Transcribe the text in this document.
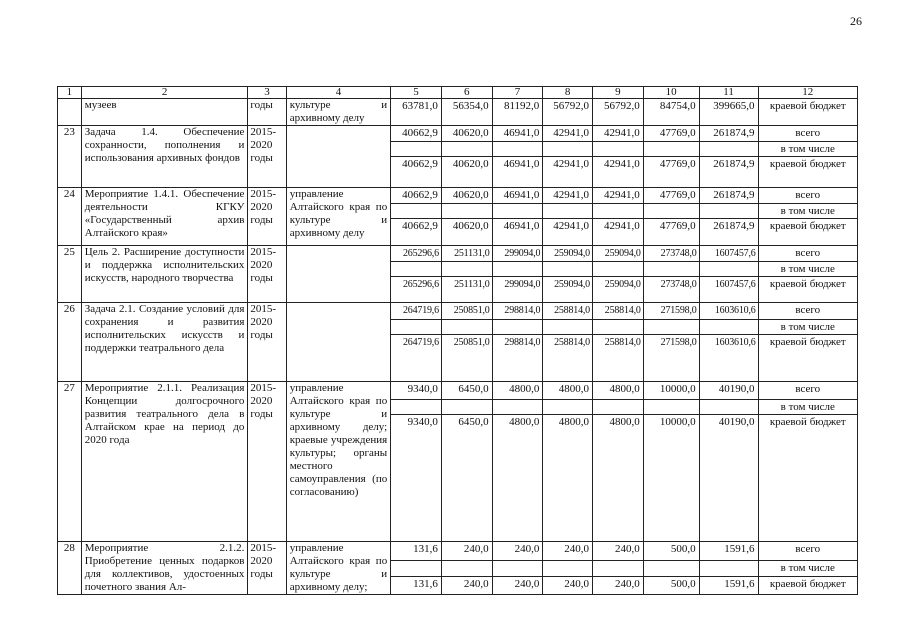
26
1	2	3	4	5	6	7	8	9	10	11	12
	музеев	годы	культуре и архивному делу	63781,0	56354,0	81192,0	56792,0	56792,0	84754,0	399665,0	краевой бюджет
23	Задача 1.4. Обеспечение сохранности, пополнения и использования архивных фондов	2015-2020 годы		40662,9	40620,0	46941,0	42941,0	42941,0	47769,0	261874,9	всего
											в том числе
				40662,9	40620,0	46941,0	42941,0	42941,0	47769,0	261874,9	краевой бюджет
24	Мероприятие 1.4.1. Обеспечение деятельности КГКУ «Государственный архив Алтайского края»	2015-2020 годы	управление Алтайского края по культуре и архивному делу	40662,9	40620,0	46941,0	42941,0	42941,0	47769,0	261874,9	всего
											в том числе
				40662,9	40620,0	46941,0	42941,0	42941,0	47769,0	261874,9	краевой бюджет
25	Цель 2. Расширение доступности и поддержка исполнительских искусств, народного творчества	2015-2020 годы		265296,6	251131,0	299094,0	259094,0	259094,0	273748,0	1607457,6	всего
											в том числе
				265296,6	251131,0	299094,0	259094,0	259094,0	273748,0	1607457,6	краевой бюджет
26	Задача 2.1. Создание условий для сохранения и развития исполнительских искусств и поддержки театрального дела	2015-2020 годы		264719,6	250851,0	298814,0	258814,0	258814,0	271598,0	1603610,6	всего
											в том числе
				264719,6	250851,0	298814,0	258814,0	258814,0	271598,0	1603610,6	краевой бюджет
27	Мероприятие 2.1.1. Реализация Концепции долгосрочного развития театрального дела в Алтайском крае на период до 2020 года	2015-2020 годы	управление Алтайского края по культуре и архивному делу; краевые учреждения культуры; органы местного самоуправления (по согласованию)	9340,0	6450,0	4800,0	4800,0	4800,0	10000,0	40190,0	всего
											в том числе
				9340,0	6450,0	4800,0	4800,0	4800,0	10000,0	40190,0	краевой бюджет
28	Мероприятие 2.1.2. Приобретение ценных подарков для коллективов, удостоенных почетного звания Ал-	2015-2020 годы	управление Алтайского края по культуре и архивному делу;	131,6	240,0	240,0	240,0	240,0	500,0	1591,6	всего
											в том числе
				131,6	240,0	240,0	240,0	240,0	500,0	1591,6	краевой бюджет
